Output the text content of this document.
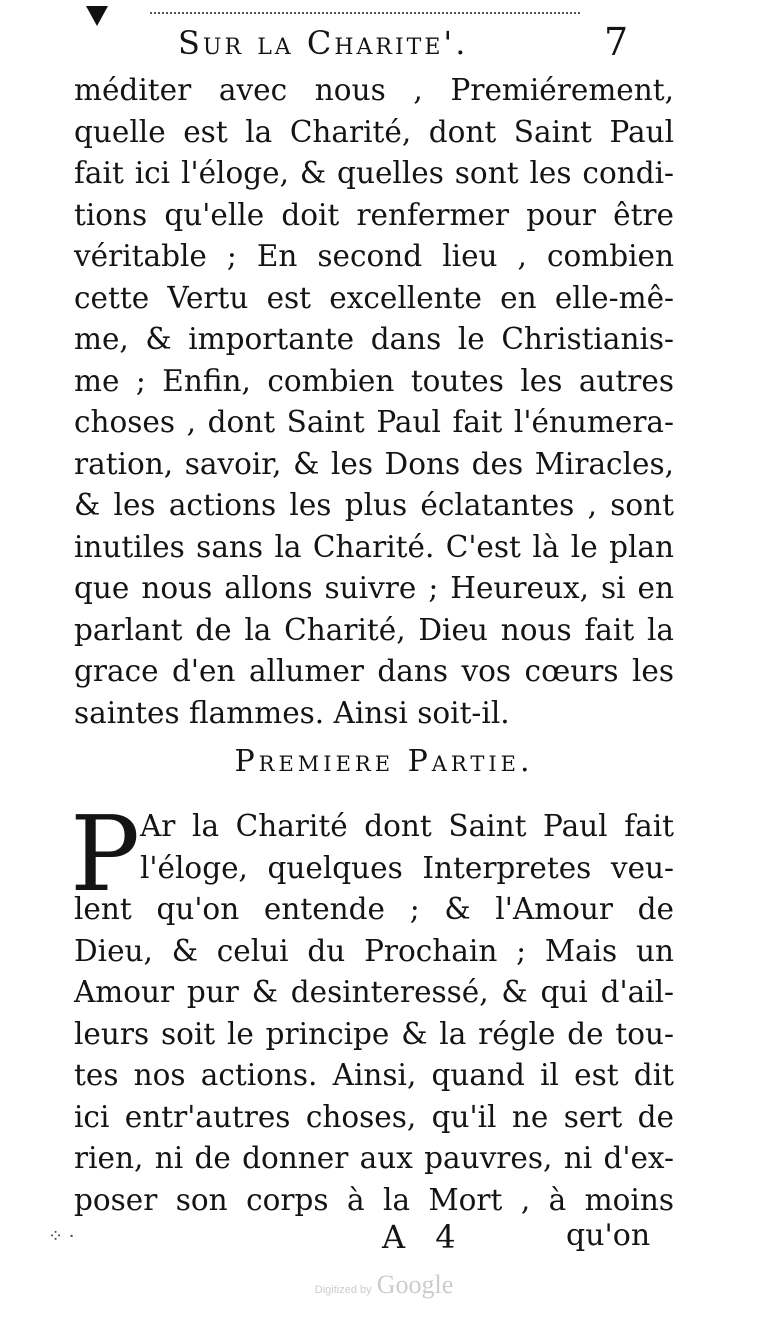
Sur la Charite'.	7
méditer avec nous , Premiérement,
quelle est la Charité, dont Saint Paul
fait ici l'éloge, & quelles sont les condi-
tions qu'elle doit renfermer pour être
véritable ; En second lieu , combien
cette Vertu est excellente en elle-mê-
me, & importante dans le Christianis-
me ; Enfin, combien toutes les autres
choses , dont Saint Paul fait l'énumera-
ration, savoir, & les Dons des Miracles,
& les actions les plus éclatantes , sont
inutiles sans la Charité. C'est là le plan
que nous allons suivre ; Heureux, si en
parlant de la Charité, Dieu nous fait la
grace d'en allumer dans vos cœurs les
saintes flammes. Ainsi soit-il.
Premiere Partie.
P Ar la Charité dont Saint Paul fait
l'éloge, quelques Interpretes veu-
lent qu'on entende ; & l'Amour de
Dieu, & celui du Prochain ; Mais un
Amour pur & desinteressé, & qui d'ail-
leurs soit le principe & la régle de tou-
tes nos actions. Ainsi, quand il est dit
ici entr'autres choses, qu'il ne sert de
rien, ni de donner aux pauvres, ni d'ex-
poser son corps à la Mort , à moins
⁘ ·	A 4	qu'on
Digitized by Google
